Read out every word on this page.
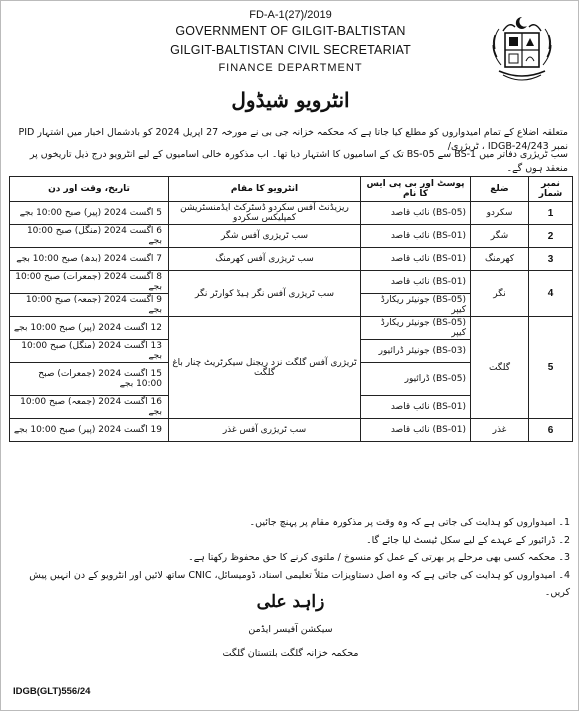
FD-A-1(27)/2019
GOVERNMENT OF GILGIT-BALTISTAN
GILGIT-BALTISTAN CIVIL SECRETARIAT
FINANCE DEPARTMENT
انٹرویو شیڈول
متعلقہ اضلاع کے تمام امیدواروں کو مطلع کیا جاتا ہے کہ محکمہ خزانہ جی بی نے مورخہ 27 اپریل 2024 کو بادشمال اخبار میں اشتہار PID نمبر IDGB-24/243 ، ٹریژری/
سب ٹریژری دفاتر میں BS-1 سے BS-05 تک کے اسامیوں کا اشتہار دیا تھا۔ اب مذکورہ خالی اسامیوں کے لیے انٹرویو درج ذیل تاریخوں پر منعقد ہوں گے۔
نمبر شمار	ضلع	پوسٹ اور بی پی ایس کا نام	انٹرویو کا مقام	تاریخ، وقت اور دن
1	سکردو	(BS-05) نائب قاصد	ریزیڈنٹ آفس سکردو ڈسٹرکٹ ایڈمنسٹریشن کمپلیکس سکردو	5 اگست 2024 (پیر) صبح 10:00 بجے
2	شگر	(BS-01) نائب قاصد	سب ٹریژری آفس شگر	6 اگست 2024 (منگل) صبح 10:00 بجے
3	کھرمنگ	(BS-01) نائب قاصد	سب ٹریژری آفس کھرمنگ	7 اگست 2024 (بدھ) صبح 10:00 بجے
4	نگر	(BS-01) نائب قاصد	سب ٹریژری آفس نگر ہیڈ کوارٹر نگر	8 اگست 2024 (جمعرات) صبح 10:00 بجے
		(BS-05) جونیئر ریکارڈ کیپر		9 اگست 2024 (جمعہ) صبح 10:00 بجے
5	گلگت	(BS-05) جونیئر ریکارڈ کیپر	ٹریژری آفس گلگت نزد ریجنل سیکرٹریٹ چنار باغ گلگت	12 اگست 2024 (پیر) صبح 10:00 بجے
		(BS-03) جونیئر ڈرائیور		13 اگست 2024 (منگل) صبح 10:00 بجے
		(BS-05) ڈرائیور		15 اگست 2024 (جمعرات) صبح 10:00 بجے
		(BS-01) نائب قاصد		16 اگست 2024 (جمعہ) صبح 10:00 بجے
6	غذر	(BS-01) نائب قاصد	سب ٹریژری آفس غذر	19 اگست 2024 (پیر) صبح 10:00 بجے
1۔ امیدواروں کو ہدایت کی جاتی ہے کہ وہ وقت پر مذکورہ مقام پر پہنچ جائیں۔
2۔ ڈرائیور کے عہدے کے لیے سکل ٹیسٹ لیا جائے گا۔
3۔ محکمہ کسی بھی مرحلے پر بھرتی کے عمل کو منسوخ / ملتوی کرنے کا حق محفوظ رکھتا ہے۔
4۔ امیدواروں کو ہدایت کی جاتی ہے کہ وہ اصل دستاویزات مثلاً تعلیمی اسناد، ڈومیسائل، CNIC ساتھ لائیں اور انٹرویو کے دن انہیں پیش کریں۔
زاہد علی
سیکشن آفیسر ایڈمن
محکمہ خزانہ گلگت بلتستان گلگت
IDGB(GLT)556/24
